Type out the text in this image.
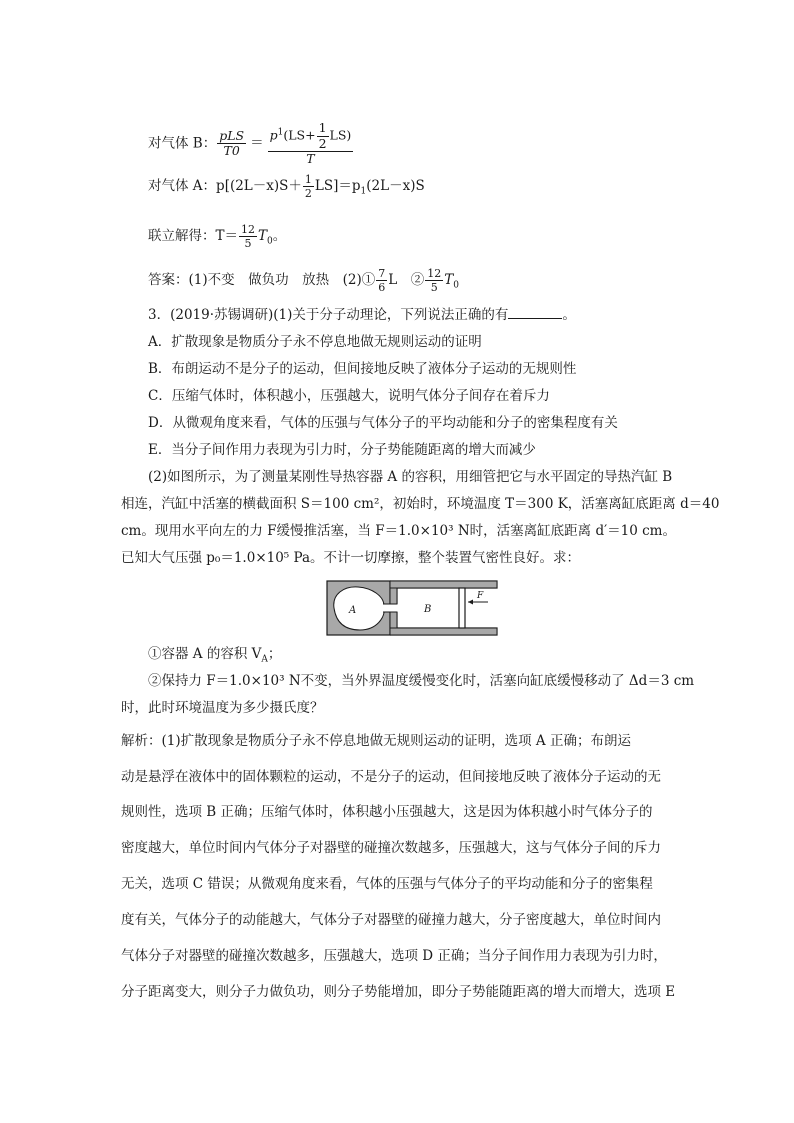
对气体 B： $\frac{\text{pLS}}{T0} = \frac{p^1(LS+ \frac{1}{2} LS)}{T}$
对气体 A：$p[(2L-x)S+ \frac{1}{2} LS]=p_1(2L-x)S$
联立解得：$T= \frac{12}{5} T_0$。
答案：(1)不变　做负功　放热　(2)① $\frac{7}{6}$ L　② $\frac{12}{5} T_0$
3．(2019·苏锡调研)(1)关于分子动理论，下列说法正确的有	。
A．扩散现象是物质分子永不停息地做无规则运动的证明
B．布朗运动不是分子的运动，但间接地反映了液体分子运动的无规则性
C．压缩气体时，体积越小，压强越大，说明气体分子间存在着斥力
D．从微观角度来看，气体的压强与气体分子的平均动能和分子的密集程度有关
E．当分子间作用力表现为引力时，分子势能随距离的增大而减少
(2)如图所示，为了测量某刚性导热容器 A 的容积，用细管把它与水平固定的导热汽缸 B
相连，汽缸中活塞的横截面积 S＝100 cm²，初始时，环境温度 T＝300 K，活塞离缸底距离 d＝40
cm。现用水平向左的力 F缓慢推活塞，当 F＝1.0×10³ N时，活塞离缸底距离 d′＝10 cm。
已知大气压强 p₀＝1.0×10⁵ Pa。不计一切摩擦，整个装置气密性良好。求：
A	B
F
①容器 A 的容积 $V_A$；
②保持力 F＝1.0×10³ N不变，当外界温度缓慢变化时，活塞向缸底缓慢移动了 Δd＝3 cm
时，此时环境温度为多少摄氏度？
解析：(1)扩散现象是物质分子永不停息地做无规则运动的证明，选项 A 正确；布朗运
动是悬浮在液体中的固体颗粒的运动，不是分子的运动，但间接地反映了液体分子运动的无
规则性，选项 B 正确；压缩气体时，体积越小压强越大，这是因为体积越小时气体分子的
密度越大，单位时间内气体分子对器壁的碰撞次数越多，压强越大，这与气体分子间的斥力
无关，选项 C 错误；从微观角度来看，气体的压强与气体分子的平均动能和分子的密集程
度有关，气体分子的动能越大，气体分子对器壁的碰撞力越大，分子密度越大，单位时间内
气体分子对器壁的碰撞次数越多，压强越大，选项 D 正确；当分子间作用力表现为引力时，
分子距离变大，则分子力做负功，则分子势能增加，即分子势能随距离的增大而增大，选项 E
